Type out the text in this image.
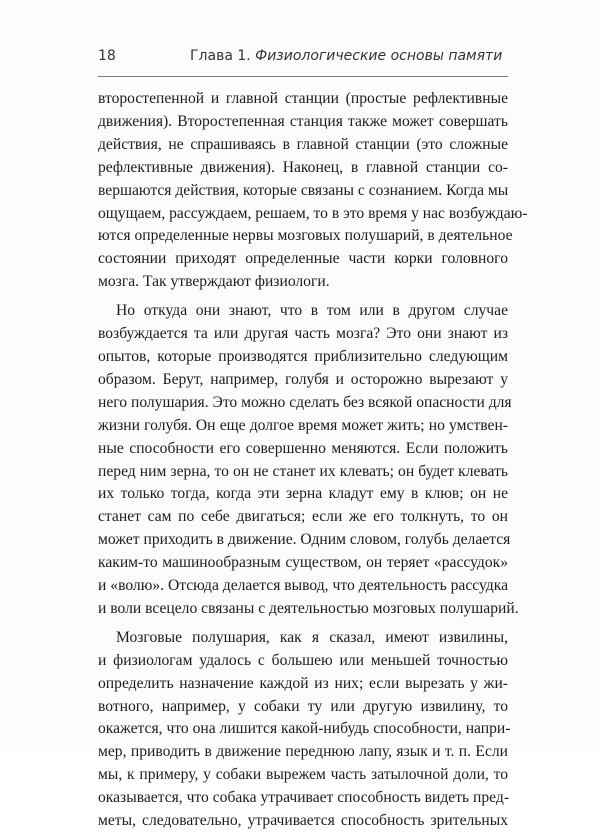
18	Глава 1. Физиологические основы памяти

второстепенной и главной станции (простые рефлективные
движения). Второстепенная станция также может совершать
действия, не спрашиваясь в главной станции (это сложные
рефлективные движения). Наконец, в главной станции со-
вершаются действия, которые связаны с сознанием. Когда мы
ощущаем, рассуждаем, решаем, то в это время у нас возбуждаю-
ются определенные нервы мозговых полушарий, в деятельное
состоянии приходят определенные части корки головного
мозга. Так утверждают физиологи.

Но откуда они знают, что в том или в другом случае
возбуждается та или другая часть мозга? Это они знают из
опытов, которые производятся приблизительно следующим
образом. Берут, например, голубя и осторожно вырезают у
него полушария. Это можно сделать без всякой опасности для
жизни голубя. Он еще долгое время может жить; но умствен-
ные способности его совершенно меняются. Если положить
перед ним зерна, то он не станет их клевать; он будет клевать
их только тогда, когда эти зерна кладут ему в клюв; он не
станет сам по себе двигаться; если же его толкнуть, то он
может приходить в движение. Одним словом, голубь делается
каким-то машинообразным существом, он теряет «рассудок»
и «волю». Отсюда делается вывод, что деятельность рассудка
и воли всецело связаны с деятельностью мозговых полушарий.

Мозговые полушария, как я сказал, имеют извилины,
и физиологам удалось с большею или меньшей точностью
определить назначение каждой из них; если вырезать у жи-
вотного, например, у собаки ту или другую извилину, то
окажется, что она лишится какой-нибудь способности, напри-
мер, приводить в движение переднюю лапу, язык и т. п. Если
мы, к примеру, у собаки вырежем часть затылочной доли, то
оказывается, что собака утрачивает способность видеть пред-
меты, следовательно, утрачивается способность зрительных
